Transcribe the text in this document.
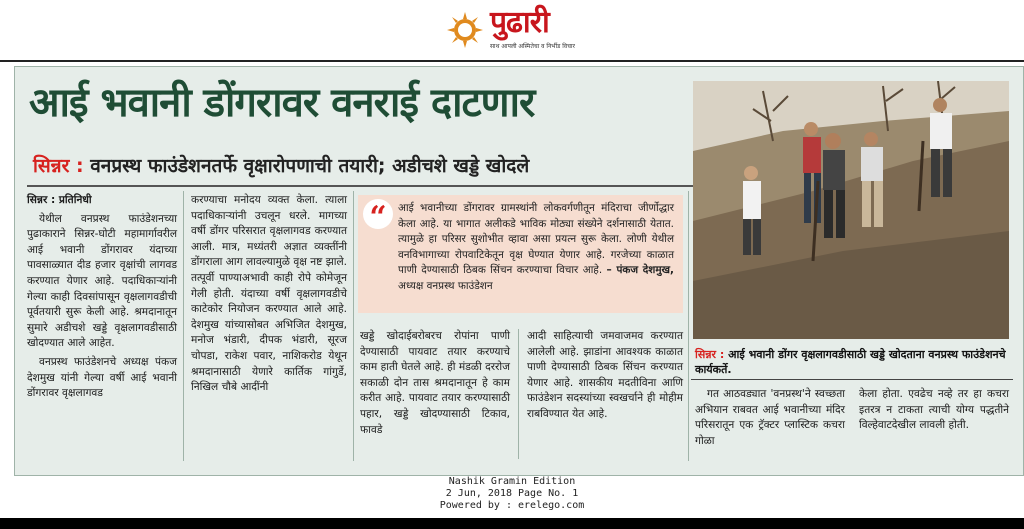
पुढारी
साथ आपली अस्मितेचा व निर्भीड विचार
आई भवानी डोंगरावर वनराई दाटणार
सिन्नर : वनप्रस्थ फाउंडेशनतर्फे वृक्षारोपणाची तयारी; अडीचशे खड्डे खोदले

सिन्नर : प्रतिनिधी

येथील वनप्रस्थ फाउंडेशनच्या पुढाकाराने सिन्नर-घोटी महामार्गावरील आई भवानी डोंगरावर यंदाच्या पावसाळ्यात दीड हजार वृक्षांची लागवड करण्यात येणार आहे. पदाधिकाऱ्यांनी गेल्या काही दिवसांपासून वृक्षलागवडीची पूर्वतयारी सुरू केली आहे. श्रमदानातून सुमारे अडीचशे खड्डे वृक्षलागवडीसाठी खोदण्यात आले आहेत.

वनप्रस्थ फाउंडेशनचे अध्यक्ष पंकज देशमुख यांनी गेल्या वर्षी आई भवानी डोंगरावर वृक्षलागवड

करण्याचा मनोदय व्यक्त केला. त्याला पदाधिकाऱ्यांनी उचलून धरले. मागच्या वर्षी डोंगर परिसरात वृक्षलागवड करण्यात आली. मात्र, मध्यंतरी अज्ञात व्यक्तींनी डोंगराला आग लावल्यामुळे वृक्ष नष्ट झाले. तत्पूर्वी पाण्याअभावी काही रोपे कोमेजून गेली होती. यंदाच्या वर्षी वृक्षलागवडीचे काटेकोर नियोजन करण्यात आले आहे. देशमुख यांच्यासोबत अभिजित देशमुख, मनोज भंडारी, दीपक भंडारी, सूरज चोपडा, राकेश पवार, नाशिकरोड येथून श्रमदानासाठी येणारे कार्तिक गांगुर्डे, निखिल चौबे आदींनी

“	आई भवानीच्या डोंगरावर ग्रामस्थांनी लोकवर्गणीतून मंदिराचा जीर्णोद्धार केला आहे. या भागात अलीकडे भाविक मोठ्या संख्येने दर्शनासाठी येतात. त्यामुळे हा परिसर सुशोभीत व्हावा असा प्रयत्न सुरू केला. लोणी येथील वनविभागाच्या रोपवाटिकेतून वृक्ष घेण्यात येणार आहे. गरजेच्या काळात पाणी देण्यासाठी ठिबक सिंचन करण्याचा विचार आहे. – पंकज देशमुख, अध्यक्ष वनप्रस्थ फाउंडेशन

खड्डे खोदाईबरोबरच रोपांना पाणी देण्यासाठी पायवाट तयार करण्याचे काम हाती घेतले आहे. ही मंडळी दररोज सकाळी दोन तास श्रमदानातून हे काम करीत आहे. पायवाट तयार करण्यासाठी पहार, खड्डे खोदण्यासाठी टिकाव, फावडे

आदी साहित्याची जमवाजमव करण्यात आलेली आहे. झाडांना आवश्यक काळात पाणी देण्यासाठी ठिबक सिंचन करण्यात येणार आहे. शासकीय मदतीविना आणि फाउंडेशन सदस्यांच्या स्वखर्चाने ही मोहीम राबविण्यात येत आहे.

सिन्नर : आई भवानी डोंगर वृक्षलागवडीसाठी खड्डे खोदताना वनप्रस्थ फाउंडेशनचे कार्यकर्ते.

गत आठवड्यात 'वनप्रस्थ'ने स्वच्छता अभियान राबवत आई भवानीच्या मंदिर परिसरातून एक ट्रॅक्टर प्लास्टिक कचरा गोळा

केला होता. एवढेच नव्हे तर हा कचरा इतरत्र न टाकता त्याची योग्य पद्धतीने विल्हेवाटदेखील लावली होती.

Nashik Gramin Edition
2 Jun, 2018 Page No. 1
Powered by : erelego.com
